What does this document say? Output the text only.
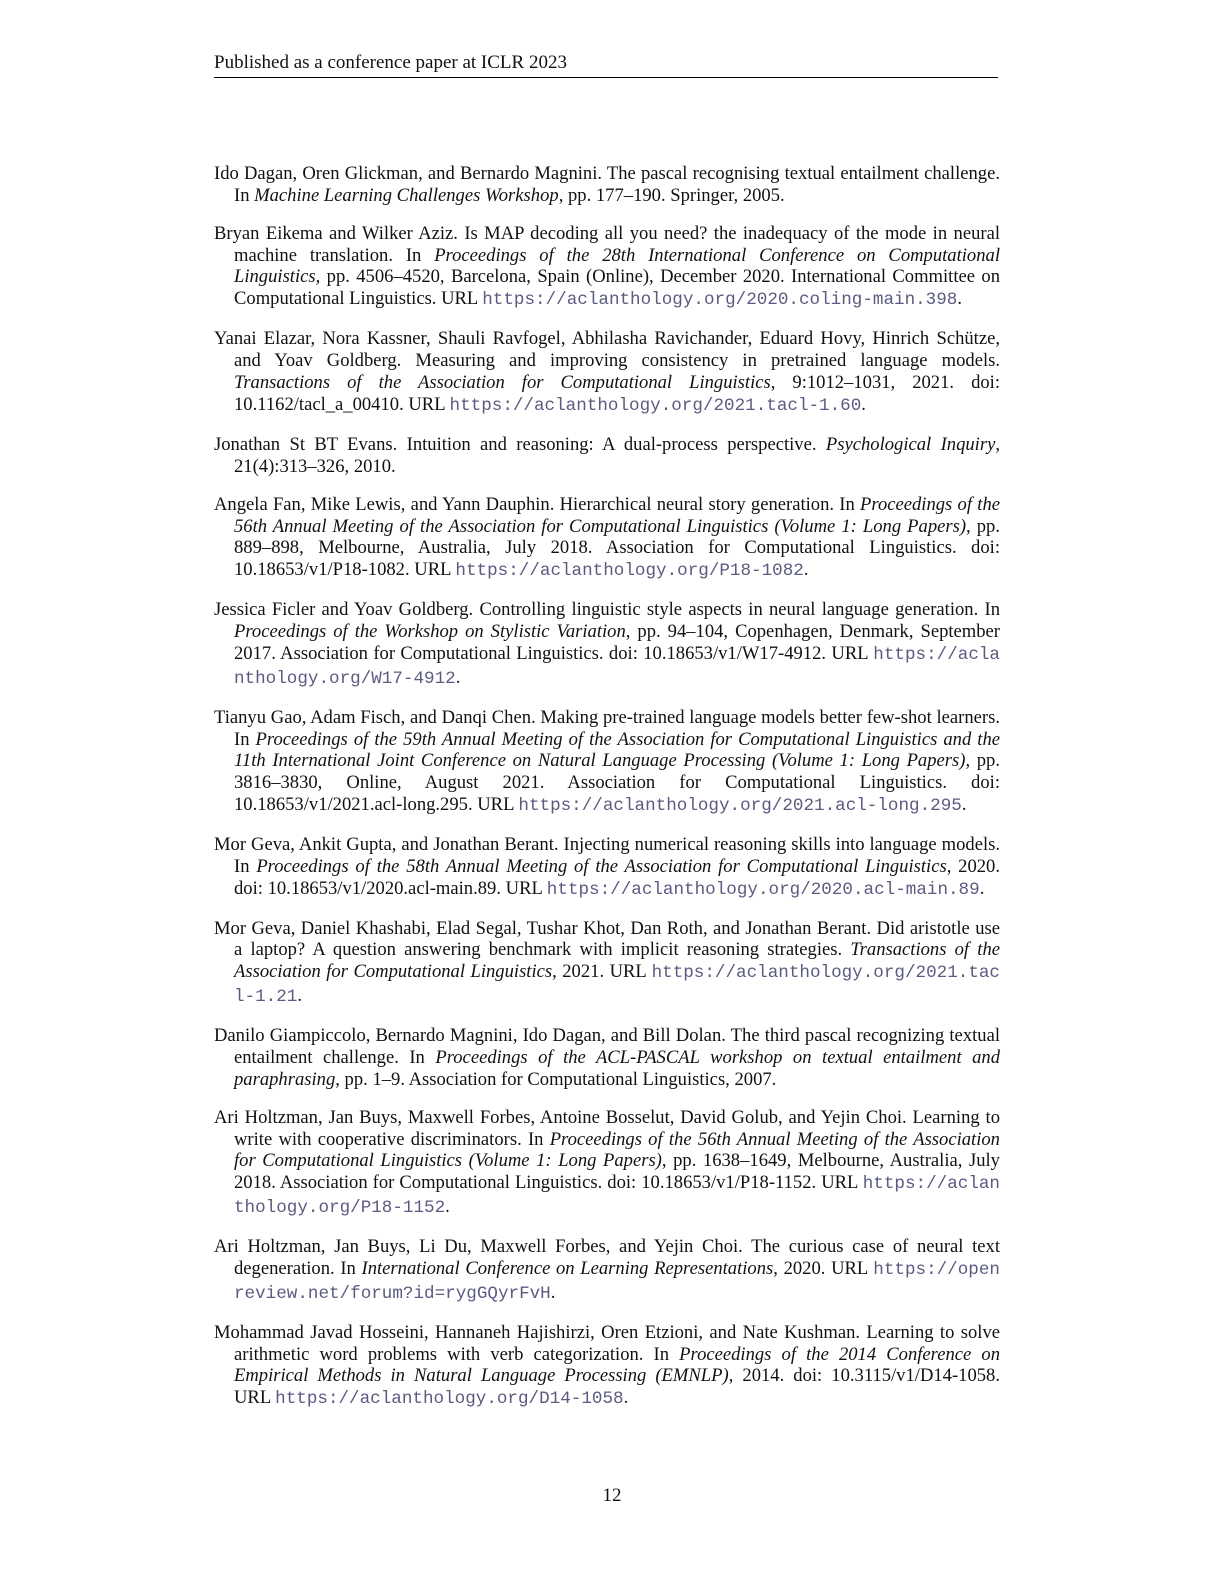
Published as a conference paper at ICLR 2023
Ido Dagan, Oren Glickman, and Bernardo Magnini. The pascal recognising textual entailment challenge. In Machine Learning Challenges Workshop, pp. 177–190. Springer, 2005.
Bryan Eikema and Wilker Aziz. Is MAP decoding all you need? the inadequacy of the mode in neural machine translation. In Proceedings of the 28th International Conference on Computational Linguistics, pp. 4506–4520, Barcelona, Spain (Online), December 2020. International Committee on Computational Linguistics. URL https://aclanthology.org/2020.coling-main.398.
Yanai Elazar, Nora Kassner, Shauli Ravfogel, Abhilasha Ravichander, Eduard Hovy, Hinrich Schütze, and Yoav Goldberg. Measuring and improving consistency in pretrained language models. Transactions of the Association for Computational Linguistics, 9:1012–1031, 2021. doi: 10.1162/tacl_a_00410. URL https://aclanthology.org/2021.tacl-1.60.
Jonathan St BT Evans. Intuition and reasoning: A dual-process perspective. Psychological Inquiry, 21(4):313–326, 2010.
Angela Fan, Mike Lewis, and Yann Dauphin. Hierarchical neural story generation. In Proceedings of the 56th Annual Meeting of the Association for Computational Linguistics (Volume 1: Long Papers), pp. 889–898, Melbourne, Australia, July 2018. Association for Computational Linguistics. doi: 10.18653/v1/P18-1082. URL https://aclanthology.org/P18-1082.
Jessica Ficler and Yoav Goldberg. Controlling linguistic style aspects in neural language generation. In Proceedings of the Workshop on Stylistic Variation, pp. 94–104, Copenhagen, Denmark, September 2017. Association for Computational Linguistics. doi: 10.18653/v1/W17-4912. URL https://aclanthology.org/W17-4912.
Tianyu Gao, Adam Fisch, and Danqi Chen. Making pre-trained language models better few-shot learners. In Proceedings of the 59th Annual Meeting of the Association for Computational Linguistics and the 11th International Joint Conference on Natural Language Processing (Volume 1: Long Papers), pp. 3816–3830, Online, August 2021. Association for Computational Linguistics. doi: 10.18653/v1/2021.acl-long.295. URL https://aclanthology.org/2021.acl-long.295.
Mor Geva, Ankit Gupta, and Jonathan Berant. Injecting numerical reasoning skills into language models. In Proceedings of the 58th Annual Meeting of the Association for Computational Linguistics, 2020. doi: 10.18653/v1/2020.acl-main.89. URL https://aclanthology.org/2020.acl-main.89.
Mor Geva, Daniel Khashabi, Elad Segal, Tushar Khot, Dan Roth, and Jonathan Berant. Did aristotle use a laptop? A question answering benchmark with implicit reasoning strategies. Transactions of the Association for Computational Linguistics, 2021. URL https://aclanthology.org/2021.tacl-1.21.
Danilo Giampiccolo, Bernardo Magnini, Ido Dagan, and Bill Dolan. The third pascal recognizing textual entailment challenge. In Proceedings of the ACL-PASCAL workshop on textual entailment and paraphrasing, pp. 1–9. Association for Computational Linguistics, 2007.
Ari Holtzman, Jan Buys, Maxwell Forbes, Antoine Bosselut, David Golub, and Yejin Choi. Learning to write with cooperative discriminators. In Proceedings of the 56th Annual Meeting of the Association for Computational Linguistics (Volume 1: Long Papers), pp. 1638–1649, Melbourne, Australia, July 2018. Association for Computational Linguistics. doi: 10.18653/v1/P18-1152. URL https://aclanthology.org/P18-1152.
Ari Holtzman, Jan Buys, Li Du, Maxwell Forbes, and Yejin Choi. The curious case of neural text degeneration. In International Conference on Learning Representations, 2020. URL https://openreview.net/forum?id=rygGQyrFvH.
Mohammad Javad Hosseini, Hannaneh Hajishirzi, Oren Etzioni, and Nate Kushman. Learning to solve arithmetic word problems with verb categorization. In Proceedings of the 2014 Conference on Empirical Methods in Natural Language Processing (EMNLP), 2014. doi: 10.3115/v1/D14-1058. URL https://aclanthology.org/D14-1058.
12
